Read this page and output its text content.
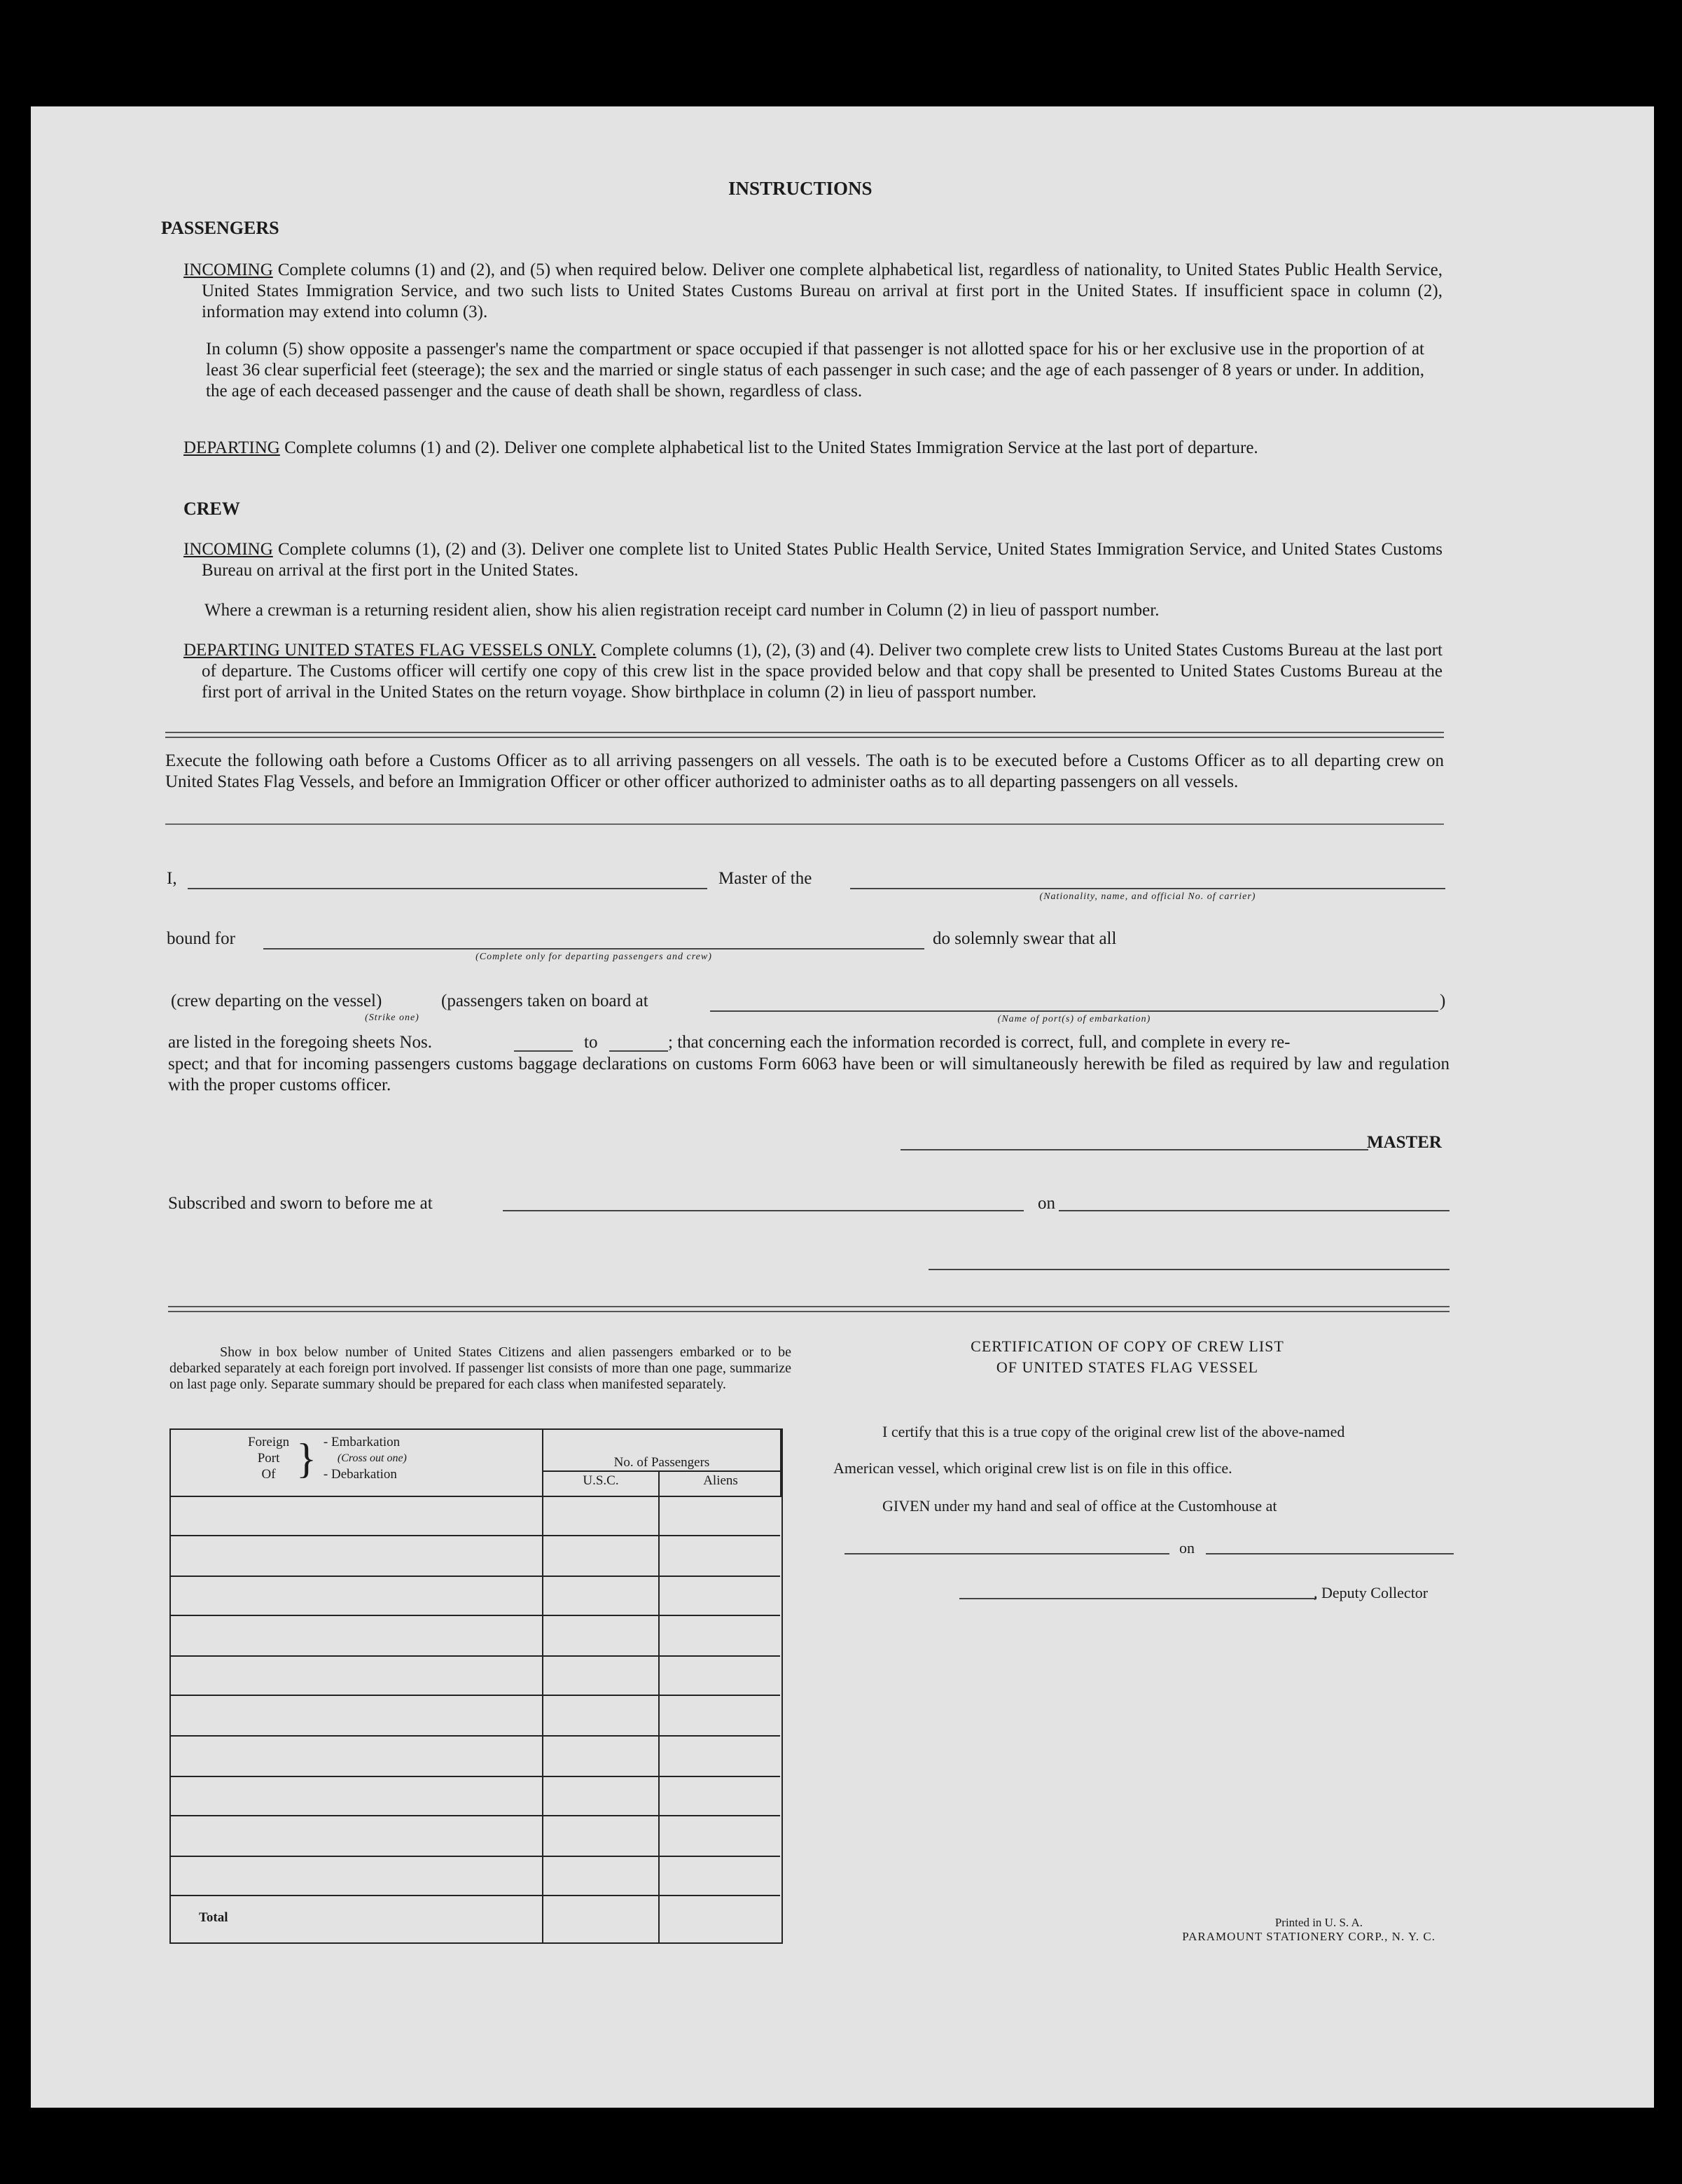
INSTRUCTIONS
PASSENGERS
INCOMING Complete columns (1) and (2), and (5) when required below. Deliver one complete alphabetical list, regardless of nationality, to United States Public Health Service, United States Immigration Service, and two such lists to United States Customs Bureau on arrival at first port in the United States. If insufficient space in column (2), information may extend into column (3).
In column (5) show opposite a passenger's name the compartment or space occupied if that passenger is not allotted space for his or her exclusive use in the proportion of at least 36 clear superficial feet (steerage); the sex and the married or single status of each passenger in such case; and the age of each passenger of 8 years or under. In addition, the age of each deceased passenger and the cause of death shall be shown, regardless of class.
DEPARTING Complete columns (1) and (2). Deliver one complete alphabetical list to the United States Immigration Service at the last port of departure.
CREW
INCOMING Complete columns (1), (2) and (3). Deliver one complete list to United States Public Health Service, United States Immigration Service, and United States Customs Bureau on arrival at the first port in the United States.
Where a crewman is a returning resident alien, show his alien registration receipt card number in Column (2) in lieu of passport number.
DEPARTING UNITED STATES FLAG VESSELS ONLY. Complete columns (1), (2), (3) and (4). Deliver two complete crew lists to United States Customs Bureau at the last port of departure. The Customs officer will certify one copy of this crew list in the space provided below and that copy shall be presented to United States Customs Bureau at the first port of arrival in the United States on the return voyage. Show birthplace in column (2) in lieu of passport number.
Execute the following oath before a Customs Officer as to all arriving passengers on all vessels. The oath is to be executed before a Customs Officer as to all departing crew on United States Flag Vessels, and before an Immigration Officer or other officer authorized to administer oaths as to all departing passengers on all vessels.
I,	Master of the
(Nationality, name, and official No. of carrier)
bound for
(Complete only for departing passengers and crew)
do solemnly swear that all
(crew departing on the vessel)
(Strike one)
(passengers taken on board at
(Name of port(s) of embarkation)
)
are listed in the foregoing sheets Nos.	to	; that concerning each the information recorded is correct, full, and complete in every re-
spect; and that for incoming passengers customs baggage declarations on customs Form 6063 have been or will simultaneously herewith be filed as required by law and regulation with the proper customs officer.
MASTER
Subscribed and sworn to before me at	on
Show in box below number of United States Citizens and alien passengers embarked or to be debarked separately at each foreign port involved. If passenger list consists of more than one page, summarize on last page only. Separate summary should be prepared for each class when manifested separately.
Foreign
Port
Of } - Embarkation
(Cross out one)
- Debarkation
	No. of Passengers

U.S.C.	Aliens
Total
CERTIFICATION OF COPY OF CREW LIST
OF UNITED STATES FLAG VESSEL
I certify that this is a true copy of the original crew list of the above-named
American vessel, which original crew list is on file in this office.
GIVEN under my hand and seal of office at the Customhouse at
on
, Deputy Collector
Printed in U. S. A.
PARAMOUNT STATIONERY CORP., N. Y. C.
